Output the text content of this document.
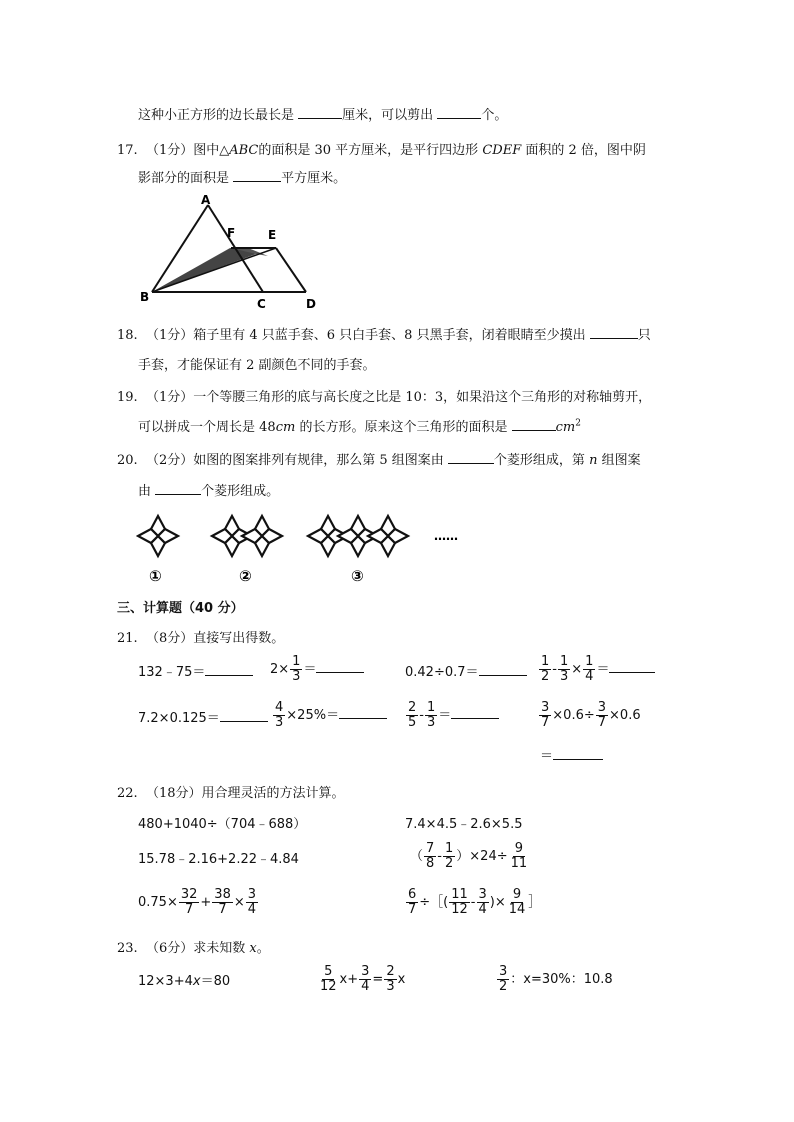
这种小正方形的边长最长是	厘米，可以剪出	个。
17. （1分）图中△ABC的面积是 30 平方厘米，是平行四边形 CDEF 面积的 2 倍，图中阴
影部分的面积是	平方厘米。
A
F	E
B	C	D
18. （1分）箱子里有 4 只蓝手套、6 只白手套、8 只黑手套，闭着眼睛至少摸出	只
手套，才能保证有 2 副颜色不同的手套。
19. （1分）一个等腰三角形的底与高长度之比是 10：3，如果沿这个三角形的对称轴剪开，
可以拼成一个周长是 48cm 的长方形。原来这个三角形的面积是	$cm^2$
20. （2分）如图的图案排列有规律，那么第 5 组图案由	个菱形组成，第 n 组图案
由	个菱形组成。
①	②	③
……
三、计算题（40 分）
21. （8分）直接写出得数。
132﹣75＝	$2\times \frac{1}{3}$ ＝	0.42÷0.7＝	$\frac{1}{2} - \frac{1}{3} \times \frac{1}{4}$ ＝
7.2×0.125＝	$\frac{4}{3} \times 25\%=$	$\frac{2}{5} - \frac{1}{3}$ ＝	$\frac{3}{7} \times 0.6\div \frac{3}{7} \times 0.6$
＝
22. （18分）用合理灵活的方法计算。
480+1040÷（704﹣688）	7.4×4.5﹣2.6×5.5
15.78﹣2.16+2.22﹣4.84	（ $\frac{7}{8} - \frac{1}{2} )\times 24\div \frac{9}{11}$
$0.75\times \frac{32}{7} + \frac{38}{7} \times \frac{3}{4}$	$\frac{6}{7}$ ÷［( $\frac{11}{12} - \frac{3}{4}$ )× $\frac{9}{14}$ ］
23. （6分）求未知数 x。
12×3+4x＝80	$\frac{5}{12} x+ \frac{3}{4} = \frac{2}{3}$ x	$\frac{3}{2}$ ：x=30%：10.8
